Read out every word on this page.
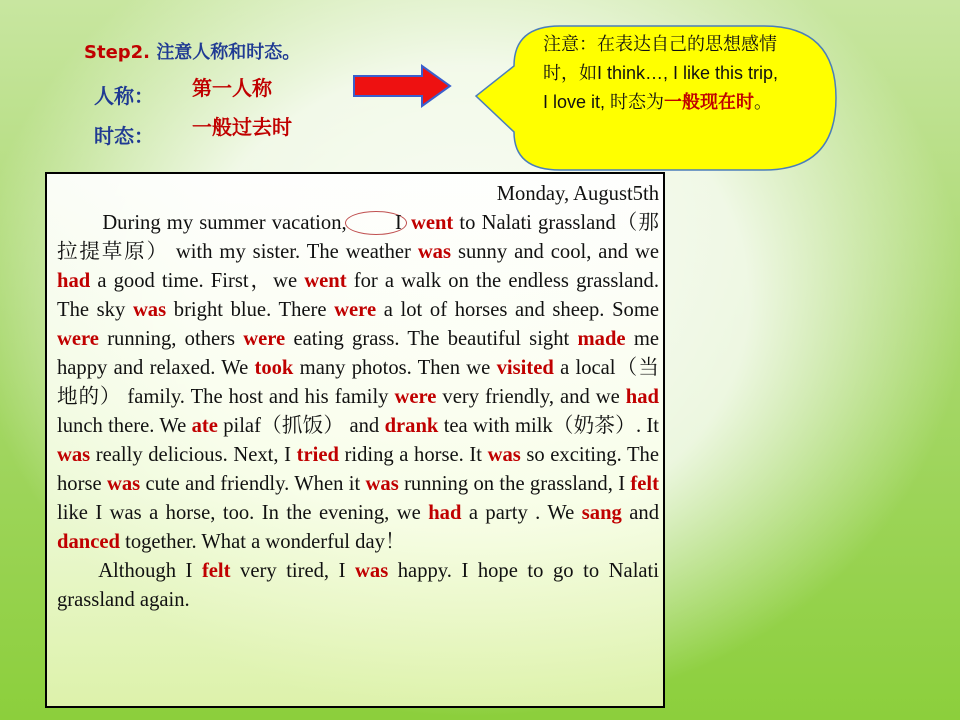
Step2. 注意人称和时态。
人称： 第一人称
时态： 一般过去时
注意：在表达自己的思想感情时，如I think…, I like this trip, I love it, 时态为一般现在时。
Monday, August5th
During my summer vacation, I went to Nalati grassland（那拉提草原） with my sister. The weather was sunny and cool, and we had a good time. First，we went for a walk on the endless grassland. The sky was bright blue. There were a lot of horses and sheep. Some were running, others were eating grass. The beautiful sight made me happy and relaxed. We took many photos. Then we visited a local（当地的） family. The host and his family were very friendly, and we had lunch there. We ate pilaf（抓饭） and drank tea with milk（奶茶）. It was really delicious. Next, I tried riding a horse. It was so exciting. The horse was cute and friendly. When it was running on the grassland, I felt like I was a horse, too. In the evening, we had a party . We sang and danced together. What a wonderful day！
Although I felt very tired, I was happy. I hope to go to Nalati grassland again.
